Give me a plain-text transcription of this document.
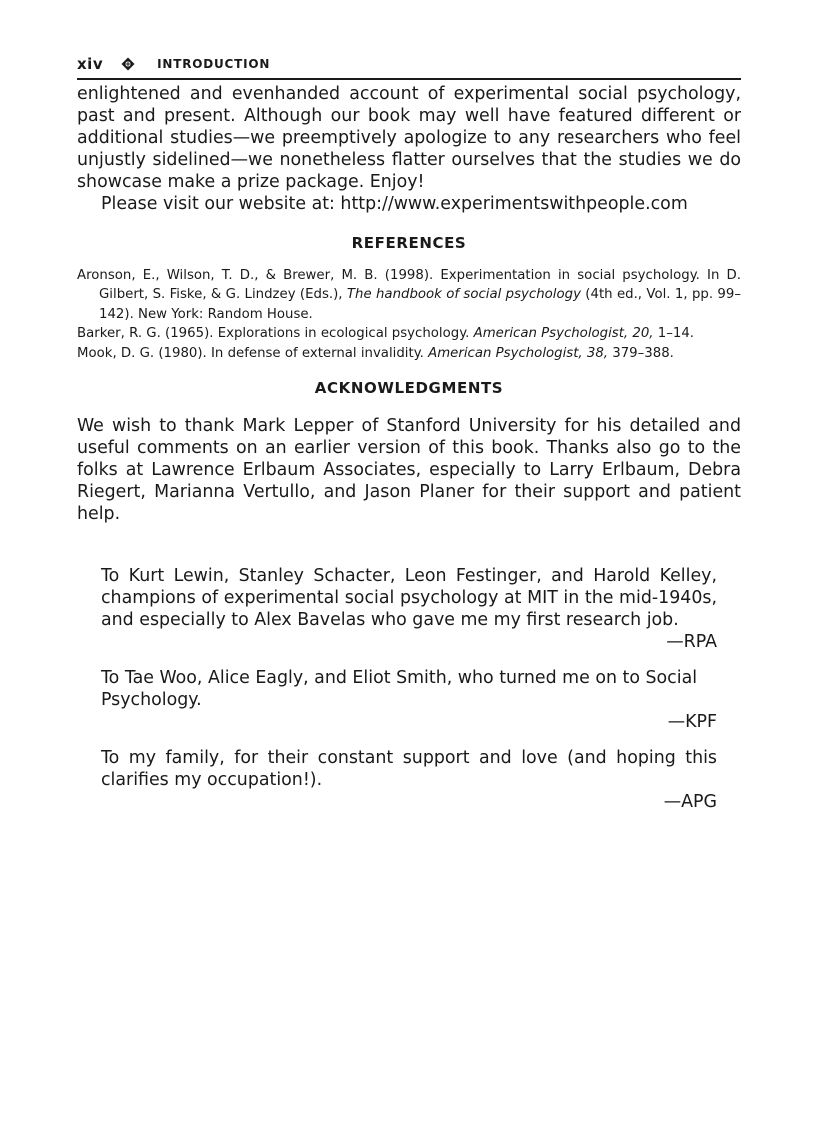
xiv	INTRODUCTION

enlightened and evenhanded account of experimental social psychology, past and present. Although our book may well have featured different or additional studies—we preemptively apologize to any researchers who feel unjustly sidelined—we nonetheless flatter ourselves that the studies we do showcase make a prize package. Enjoy!

Please visit our website at: http://www.experimentswithpeople.com

REFERENCES

Aronson, E., Wilson, T. D., & Brewer, M. B. (1998). Experimentation in social psychology. In D. Gilbert, S. Fiske, & G. Lindzey (Eds.), The handbook of social psychology (4th ed., Vol. 1, pp. 99–142). New York: Random House.

Barker, R. G. (1965). Explorations in ecological psychology. American Psychologist, 20, 1–14.

Mook, D. G. (1980). In defense of external invalidity. American Psychologist, 38, 379–388.

ACKNOWLEDGMENTS

We wish to thank Mark Lepper of Stanford University for his detailed and useful comments on an earlier version of this book. Thanks also go to the folks at Lawrence Erlbaum Associates, especially to Larry Erlbaum, Debra Riegert, Marianna Vertullo, and Jason Planer for their support and patient help.

To Kurt Lewin, Stanley Schacter, Leon Festinger, and Harold Kelley, champions of experimental social psychology at MIT in the mid-1940s, and especially to Alex Bavelas who gave me my first research job.

—RPA

To Tae Woo, Alice Eagly, and Eliot Smith, who turned me on to Social Psychology.

—KPF

To my family, for their constant support and love (and hoping this clarifies my occupation!).

—APG
